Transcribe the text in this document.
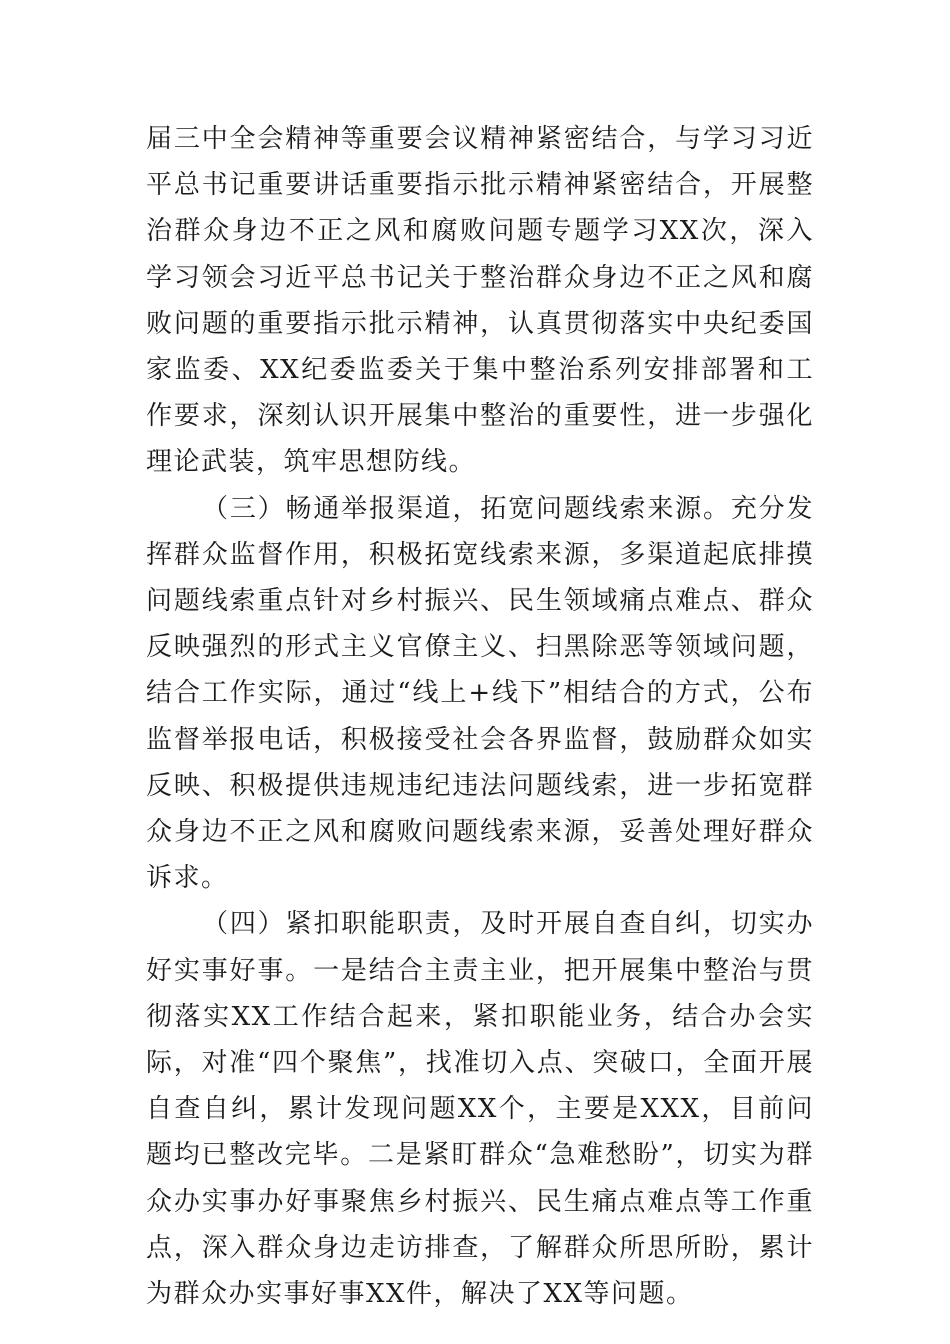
届三中全会精神等重要会议精神紧密结合，与学习习近平总书记重要讲话重要指示批示精神紧密结合，开展整治群众身边不正之风和腐败问题专题学习XX次，深入学习领会习近平总书记关于整治群众身边不正之风和腐败问题的重要指示批示精神，认真贯彻落实中央纪委国家监委、XX纪委监委关于集中整治系列安排部署和工作要求，深刻认识开展集中整治的重要性，进一步强化理论武装，筑牢思想防线。

（三）畅通举报渠道，拓宽问题线索来源。充分发挥群众监督作用，积极拓宽线索来源，多渠道起底排摸问题线索重点针对乡村振兴、民生领域痛点难点、群众反映强烈的形式主义官僚主义、扫黑除恶等领域问题，结合工作实际，通过“线上+线下”相结合的方式，公布监督举报电话，积极接受社会各界监督，鼓励群众如实反映、积极提供违规违纪违法问题线索，进一步拓宽群众身边不正之风和腐败问题线索来源，妥善处理好群众诉求。

（四）紧扣职能职责，及时开展自查自纠，切实办好实事好事。一是结合主责主业，把开展集中整治与贯彻落实XX工作结合起来，紧扣职能业务，结合办会实际，对准“四个聚焦”，找准切入点、突破口，全面开展自查自纠，累计发现问题XX个，主要是XXX，目前问题均已整改完毕。二是紧盯群众“急难愁盼”，切实为群众办实事办好事聚焦乡村振兴、民生痛点难点等工作重点，深入群众身边走访排查，了解群众所思所盼，累计为群众办实事好事XX件，解决了XX等问题。
